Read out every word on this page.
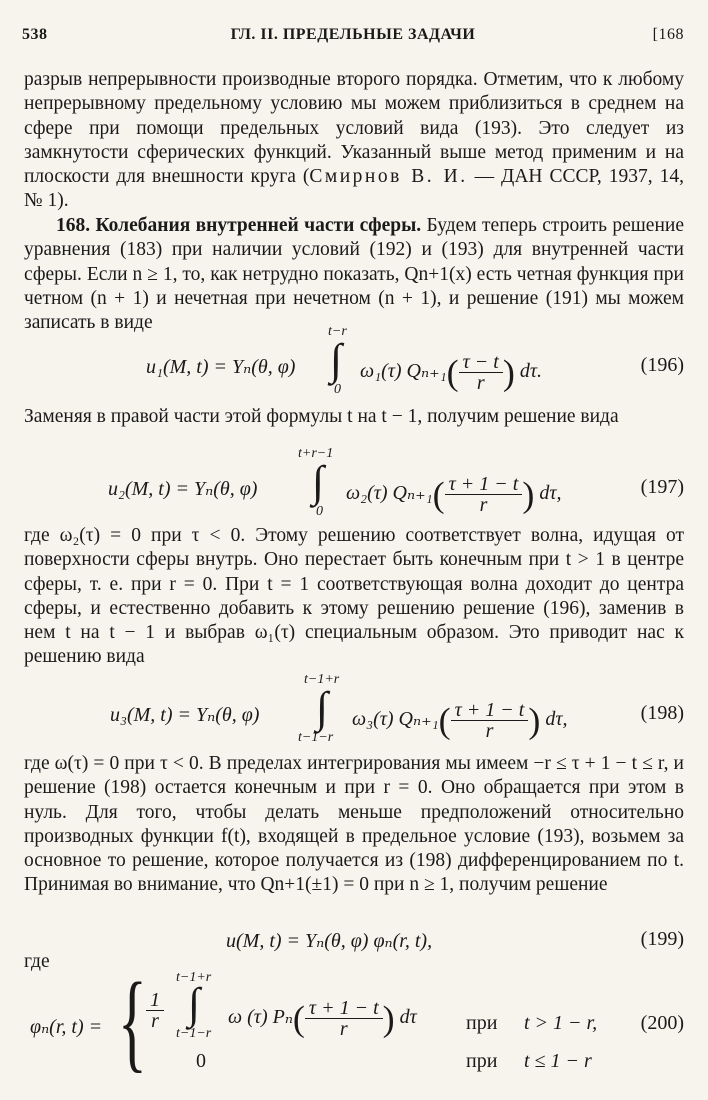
538	ГЛ. II. ПРЕДЕЛЬНЫЕ ЗАДАЧИ	[168
разрыв непрерывности производные второго порядка. Отметим, что к любому непрерывному предельному условию мы можем приблизиться в среднем на сфере при помощи предельных условий вида (193). Это следует из замкнутости сферических функций. Указанный выше метод применим и на плоскости для внешности круга (Смирнов В. И. — ДАН СССР, 1937, 14, № 1).
168. Колебания внутренней части сферы. Будем теперь строить решение уравнения (183) при наличии условий (192) и (193) для внутренней части сферы. Если n ≥ 1, то, как нетрудно показать, Qn+1(x) есть четная функция при четном (n + 1) и нечетная при нечетном (n + 1), и решение (191) мы можем записать в виде
u₁(M, t) = Yₙ(θ, φ)
t−r
∫
0
ω₁(τ) $Q_{n+1}( \frac{\tau - t}{r}$ ) dτ.	(196)
Заменяя в правой части этой формулы t на t − 1, получим решение вида
u₂(M, t) = Yₙ(θ, φ)
t+r−1
∫
0
ω₂(τ) $Q_{n+1}( \frac{\tau + 1 - t}{r}$ ) dτ,	(197)
где ω₂(τ) = 0 при τ < 0. Этому решению соответствует волна, идущая от поверхности сферы внутрь. Оно перестает быть конечным при t > 1 в центре сферы, т. е. при r = 0. При t = 1 соответствующая волна доходит до центра сферы, и естественно добавить к этому решению решение (196), заменив в нем t на t − 1 и выбрав ω₁(τ) специальным образом. Это приводит нас к решению вида
u₃(M, t) = Yₙ(θ, φ)
t−1+r
∫
t−1−r
ω₃(τ) $Q_{n+1}( \frac{\tau + 1 - t}{r}$ ) dτ,	(198)
где ω(τ) = 0 при τ < 0. В пределах интегрирования мы имеем −r ≤ τ + 1 − t ≤ r, и решение (198) остается конечным и при r = 0. Оно обращается при этом в нуль. Для того, чтобы делать меньше предположений относительно производных функции f(t), входящей в предельное условие (193), возьмем за основное то решение, которое получается из (198) дифференцированием по t. Принимая во внимание, что Qn+1(±1) = 0 при n ≥ 1, получим решение
u(M, t) = Yₙ(θ, φ) φₙ(r, t),	(199)
где
φₙ(r, t) = { $\frac{1}{r}$
t−1+r
∫
t−1−r
ω (τ) $P_n( \frac{\tau + 1 - t}{r}$ ) dτ при t > 1 − r, (200)
0	при t ≤ 1 − r
